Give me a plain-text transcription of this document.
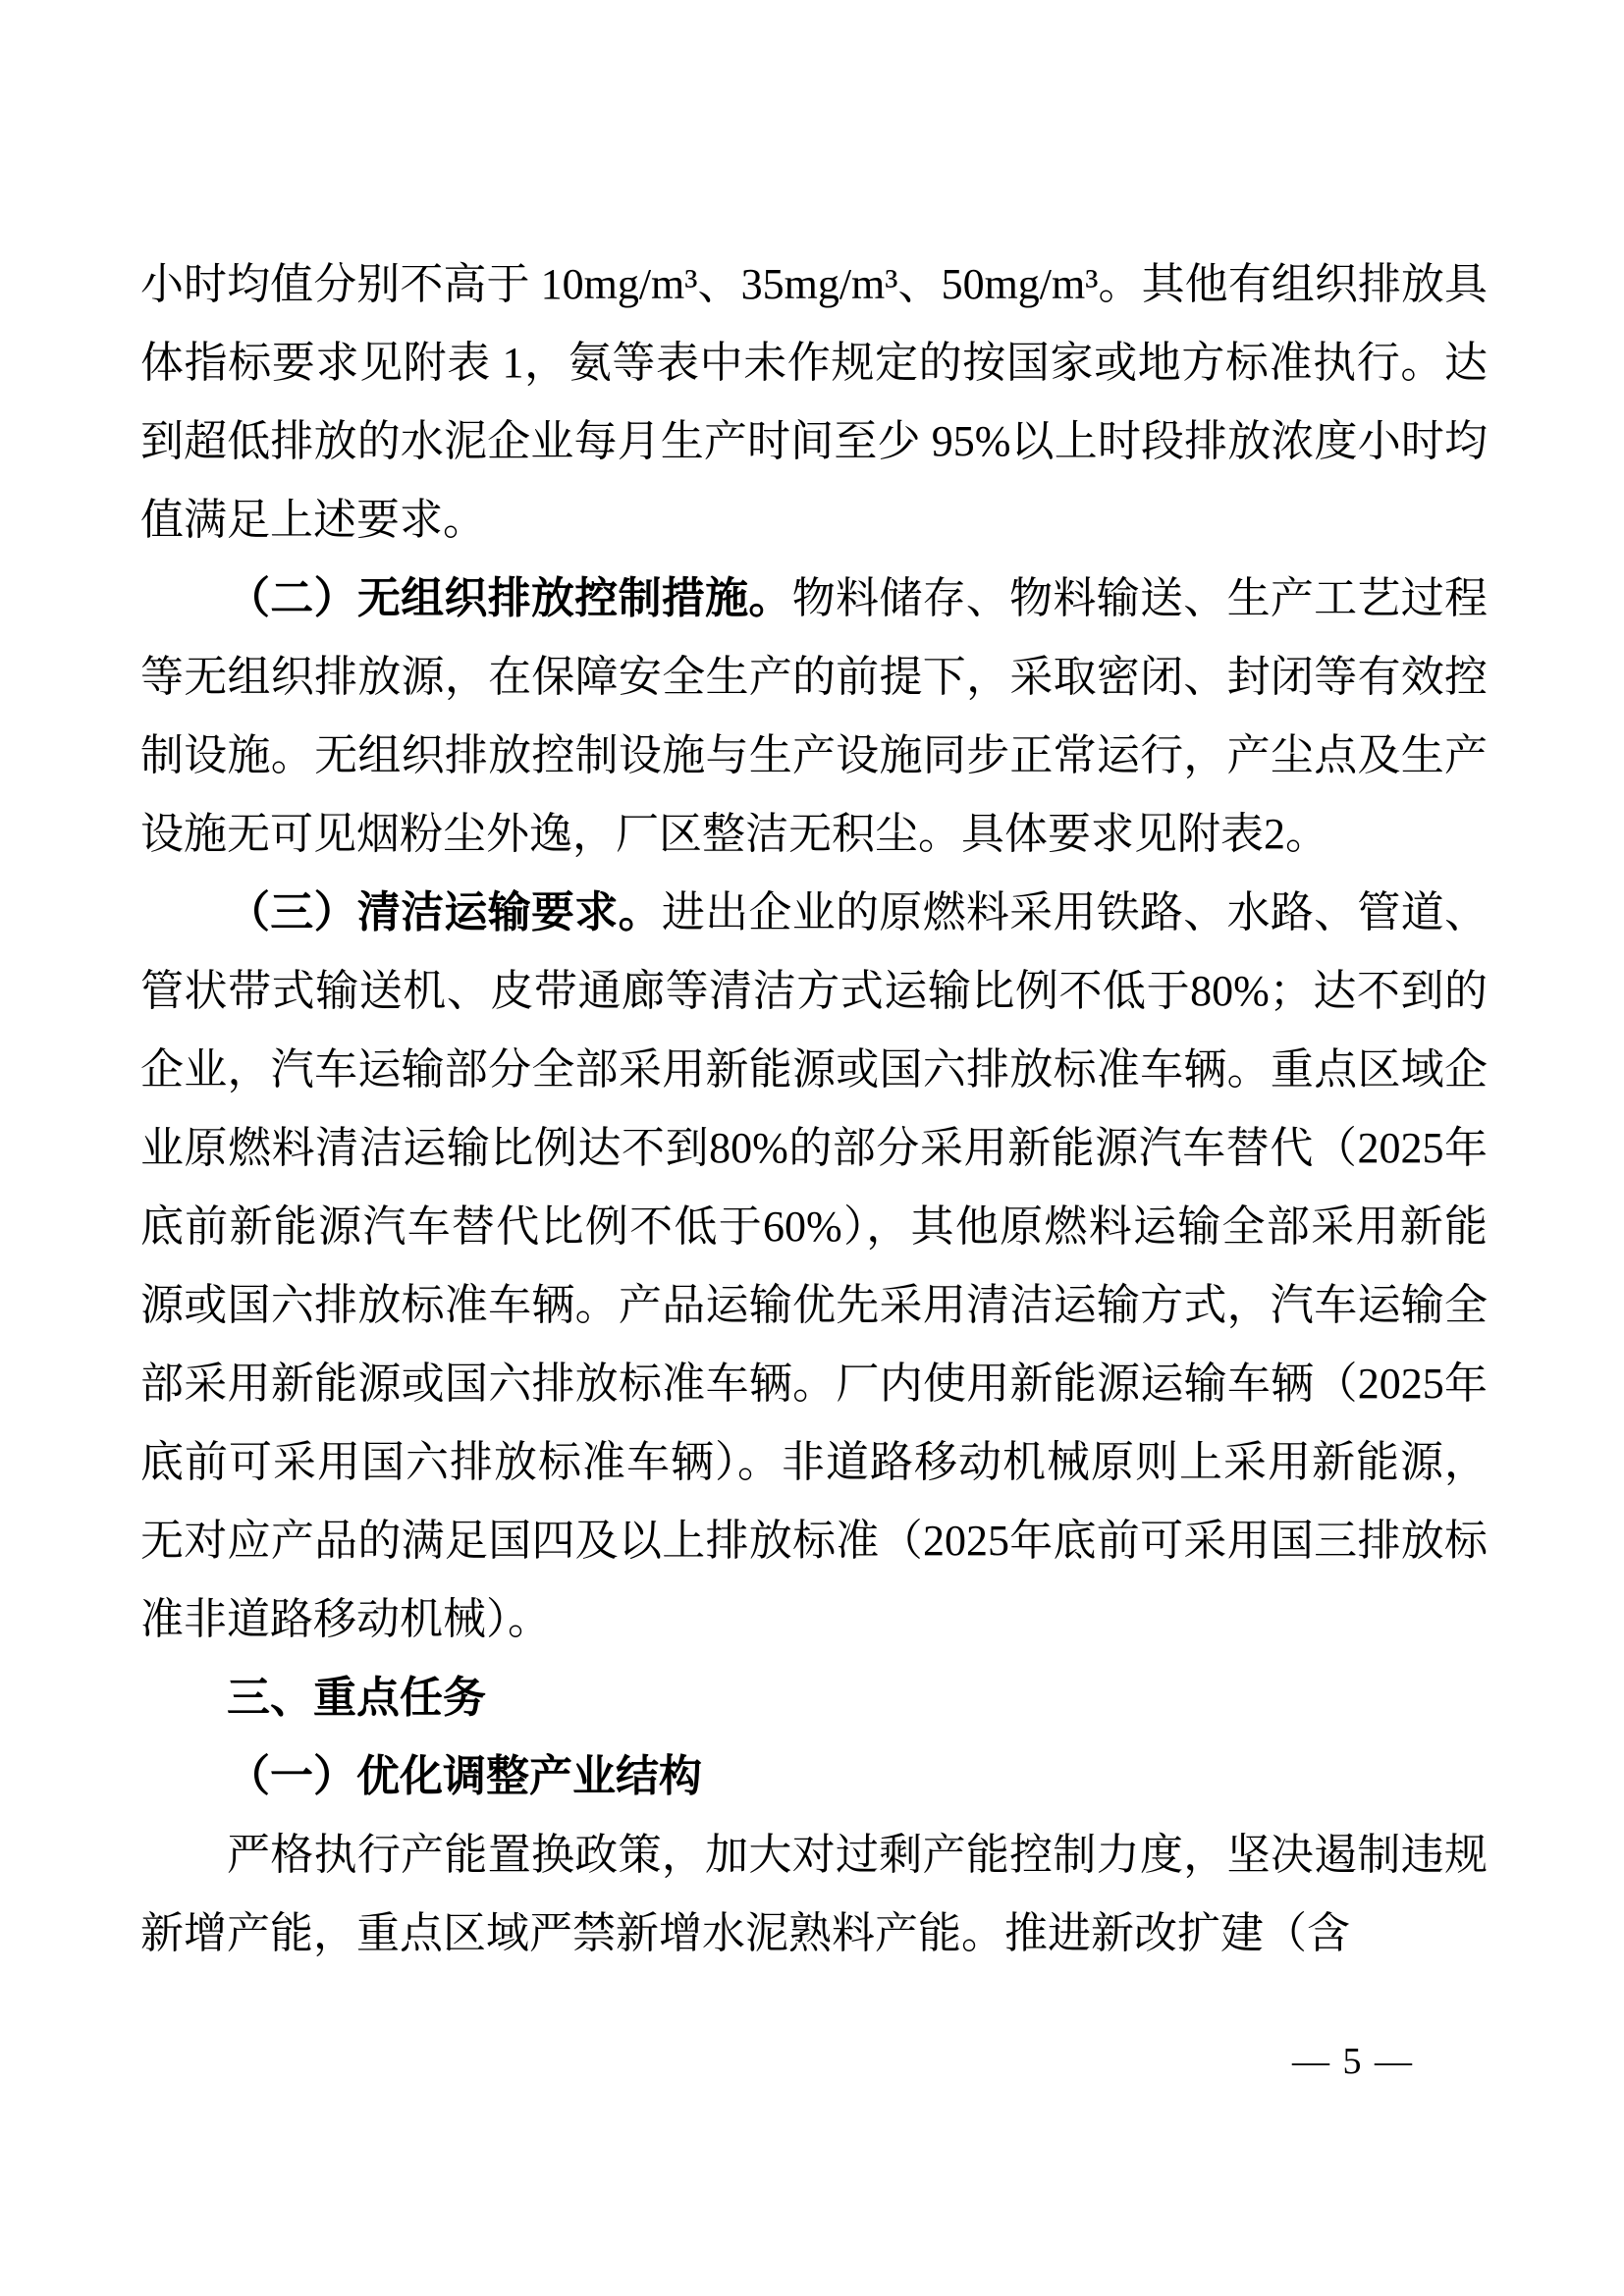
小时均值分别不高于 10mg/m³、35mg/m³、50mg/m³。其他有组织排放具体指标要求见附表 1，氨等表中未作规定的按国家或地方标准执行。达到超低排放的水泥企业每月生产时间至少 95%以上时段排放浓度小时均值满足上述要求。

（二）无组织排放控制措施。物料储存、物料输送、生产工艺过程等无组织排放源，在保障安全生产的前提下，采取密闭、封闭等有效控制设施。无组织排放控制设施与生产设施同步正常运行，产尘点及生产设施无可见烟粉尘外逸，厂区整洁无积尘。具体要求见附表2。

（三）清洁运输要求。进出企业的原燃料采用铁路、水路、管道、管状带式输送机、皮带通廊等清洁方式运输比例不低于80%；达不到的企业，汽车运输部分全部采用新能源或国六排放标准车辆。重点区域企业原燃料清洁运输比例达不到80%的部分采用新能源汽车替代（2025年底前新能源汽车替代比例不低于60%），其他原燃料运输全部采用新能源或国六排放标准车辆。产品运输优先采用清洁运输方式，汽车运输全部采用新能源或国六排放标准车辆。厂内使用新能源运输车辆（2025年底前可采用国六排放标准车辆）。非道路移动机械原则上采用新能源，无对应产品的满足国四及以上排放标准（2025年底前可采用国三排放标准非道路移动机械）。

三、重点任务
（一）优化调整产业结构

严格执行产能置换政策，加大对过剩产能控制力度，坚决遏制违规新增产能，重点区域严禁新增水泥熟料产能。推进新改扩建（含

— 5 —
